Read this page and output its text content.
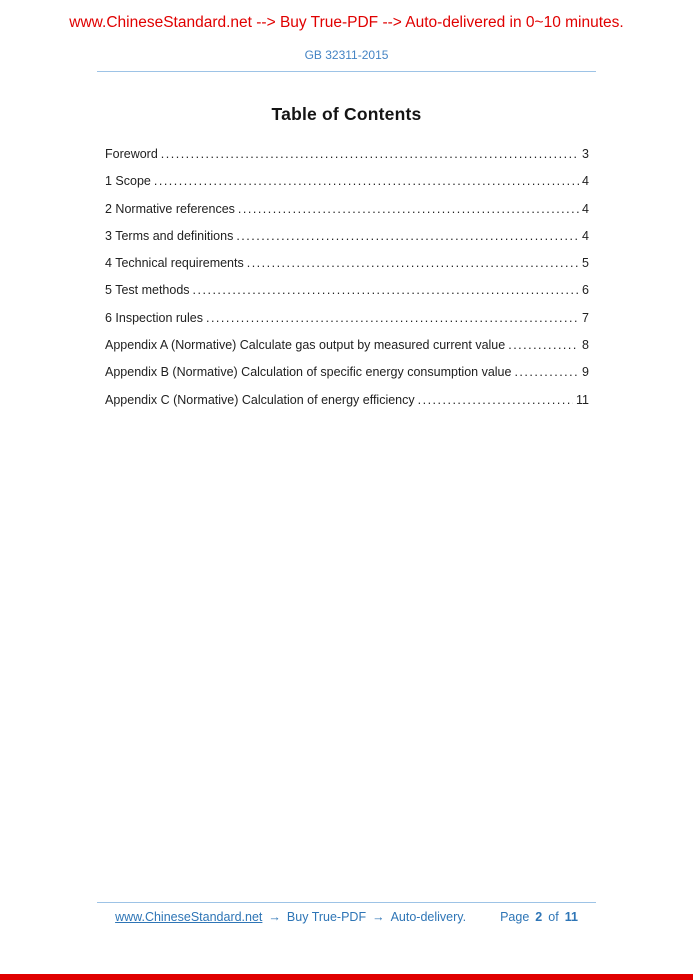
www.ChineseStandard.net --> Buy True-PDF --> Auto-delivered in 0~10 minutes.
GB 32311-2015
Table of Contents
Foreword .....	3
1 Scope .....	4
2 Normative references .....	4
3 Terms and definitions .....	4
4 Technical requirements .....	5
5 Test methods .....	6
6 Inspection rules .....	7
Appendix A (Normative) Calculate gas output by measured current value .....	8
Appendix B (Normative) Calculation of specific energy consumption value .....	9
Appendix C (Normative) Calculation of energy efficiency .....	11
www.ChineseStandard.net → Buy True-PDF → Auto-delivery.	Page 2 of 11
